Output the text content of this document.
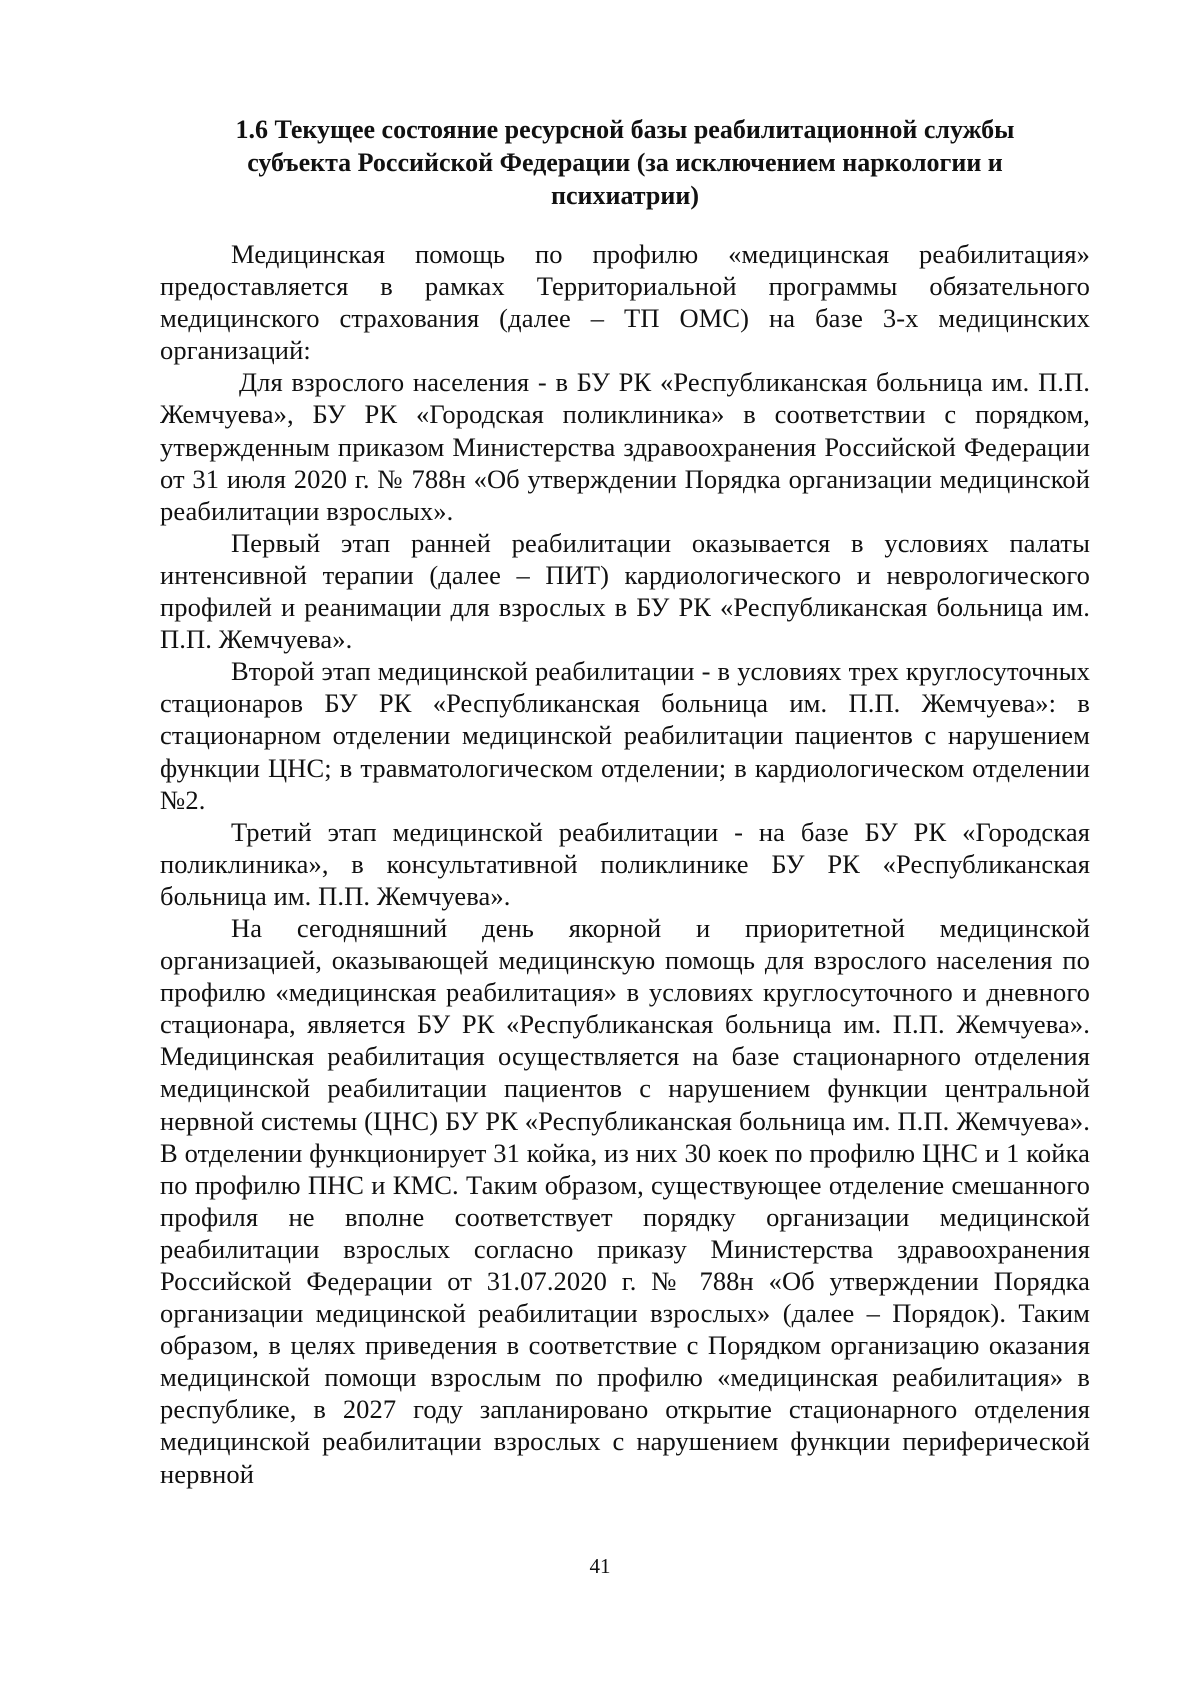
1.6 Текущее состояние ресурсной базы реабилитационной службы
субъекта Российской Федерации (за исключением наркологии и
психиатрии)

Медицинская помощь по профилю «медицинская реабилитация» предоставляется в рамках Территориальной программы обязательного медицинского страхования (далее – ТП ОМС) на базе 3-х медицинских организаций:

Для взрослого населения - в БУ РК «Республиканская больница им. П.П. Жемчуева», БУ РК «Городская поликлиника» в соответствии с порядком, утвержденным приказом Министерства здравоохранения Российской Федерации от 31 июля 2020 г. № 788н «Об утверждении Порядка организации медицинской реабилитации взрослых».

Первый этап ранней реабилитации оказывается в условиях палаты интенсивной терапии (далее – ПИТ) кардиологического и неврологического профилей и реанимации для взрослых в БУ РК «Республиканская больница им. П.П. Жемчуева».

Второй этап медицинской реабилитации - в условиях трех круглосуточных стационаров БУ РК «Республиканская больница им. П.П. Жемчуева»: в стационарном отделении медицинской реабилитации пациентов с нарушением функции ЦНС; в травматологическом отделении; в кардиологическом отделении №2.

Третий этап медицинской реабилитации - на базе БУ РК «Городская поликлиника», в консультативной поликлинике БУ РК «Республиканская больница им. П.П. Жемчуева».

На сегодняшний день якорной и приоритетной медицинской организацией, оказывающей медицинскую помощь для взрослого населения по профилю «медицинская реабилитация» в условиях круглосуточного и дневного стационара, является БУ РК «Республиканская больница им. П.П. Жемчуева». Медицинская реабилитация осуществляется на базе стационарного отделения медицинской реабилитации пациентов с нарушением функции центральной нервной системы (ЦНС) БУ РК «Республиканская больница им. П.П. Жемчуева». В отделении функционирует 31 койка, из них 30 коек по профилю ЦНС и 1 койка по профилю ПНС и КМС. Таким образом, существующее отделение смешанного профиля не вполне соответствует порядку организации медицинской реабилитации взрослых согласно приказу Министерства здравоохранения Российской Федерации от 31.07.2020 г. № 788н «Об утверждении Порядка организации медицинской реабилитации взрослых» (далее – Порядок). Таким образом, в целях приведения в соответствие с Порядком организацию оказания медицинской помощи взрослым по профилю «медицинская реабилитация» в республике, в 2027 году запланировано открытие стационарного отделения медицинской реабилитации взрослых с нарушением функции периферической нервной

41
